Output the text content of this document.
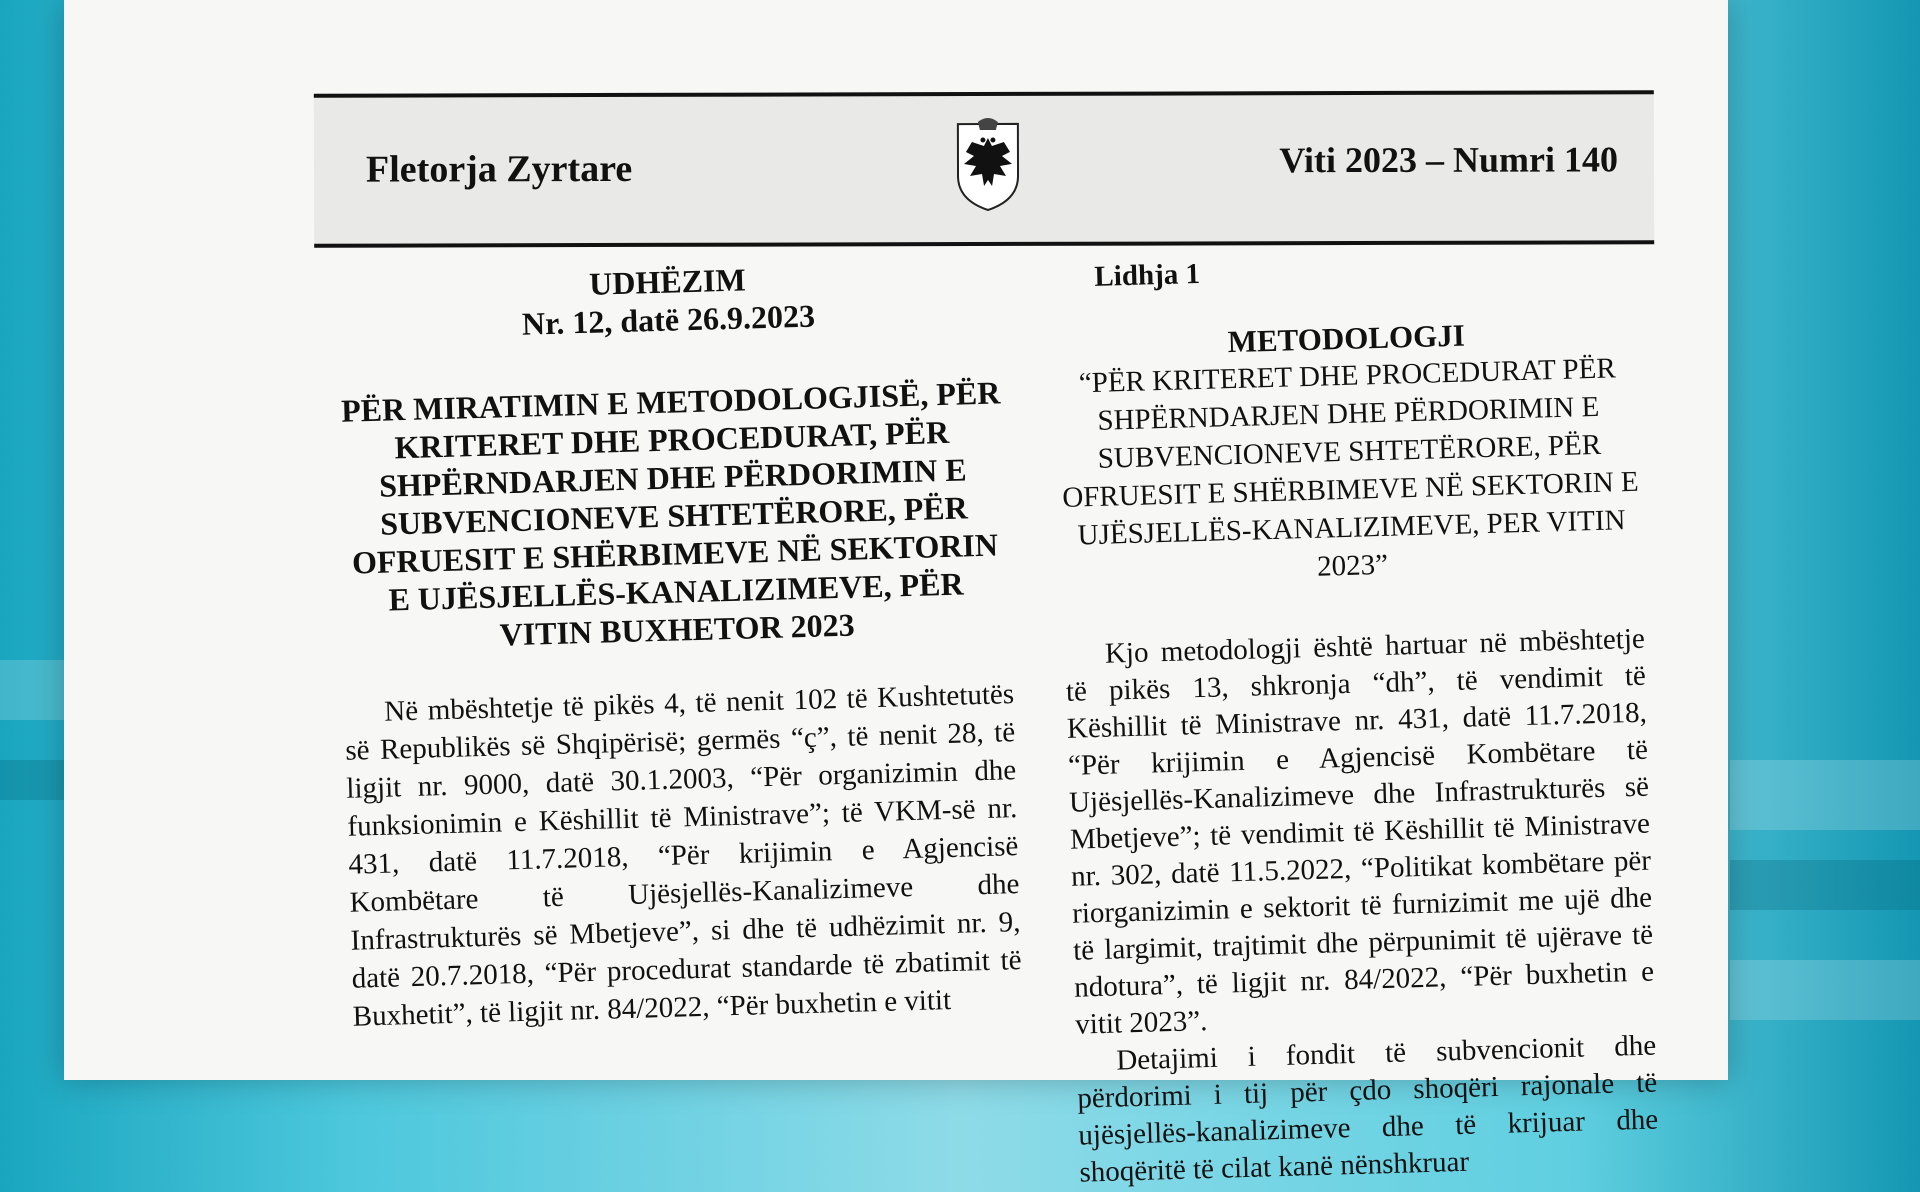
Fletorja Zyrtare	Viti 2023 – Numri 140
UDHËZIM
Nr. 12, datë 26.9.2023
PËR MIRATIMIN E METODOLOGJISË, PËR KRITERET DHE PROCEDURAT, PËR SHPËRNDARJEN DHE PËRDORIMIN E SUBVENCIONEVE SHTETËRORE, PËR OFRUESIT E SHËRBIMEVE NË SEKTORIN E UJËSJELLËS-KANALIZIMEVE, PËR VITIN BUXHETOR 2023

Në mbështetje të pikës 4, të nenit 102 të Kushtetutës së Republikës së Shqipërisë; germës “ç”, të nenit 28, të ligjit nr. 9000, datë 30.1.2003, “Për organizimin dhe funksionimin e Këshillit të Ministrave”; të VKM-së nr. 431, datë 11.7.2018, “Për krijimin e Agjencisë Kombëtare të Ujësjellës-Kanalizimeve dhe Infrastrukturës së Mbetjeve”, si dhe të udhëzimit nr. 9, datë 20.7.2018, “Për procedurat standarde të zbatimit të Buxhetit”, të ligjit nr. 84/2022, “Për buxhetin e vitit

Lidhja 1
METODOLOGJI
“PËR KRITERET DHE PROCEDURAT PËR SHPËRNDARJEN DHE PËRDORIMIN E SUBVENCIONEVE SHTETËRORE, PËR OFRUESIT E SHËRBIMEVE NË SEKTORIN E UJËSJELLËS-KANALIZIMEVE, PER VITIN 2023”

Kjo metodologji është hartuar në mbështetje të pikës 13, shkronja “dh”, të vendimit të Këshillit të Ministrave nr. 431, datë 11.7.2018, “Për krijimin e Agjencisë Kombëtare të Ujësjellës-Kanalizimeve dhe Infrastrukturës së Mbetjeve”; të vendimit të Këshillit të Ministrave nr. 302, datë 11.5.2022, “Politikat kombëtare për riorganizimin e sektorit të furnizimit me ujë dhe të largimit, trajtimit dhe përpunimit të ujërave të ndotura”, të ligjit nr. 84/2022, “Për buxhetin e vitit 2023”.

Detajimi i fondit të subvencionit dhe përdorimi i tij për çdo shoqëri rajonale të ujësjellës-kanalizimeve dhe të krijuar dhe shoqëritë të cilat kanë nënshkruar
